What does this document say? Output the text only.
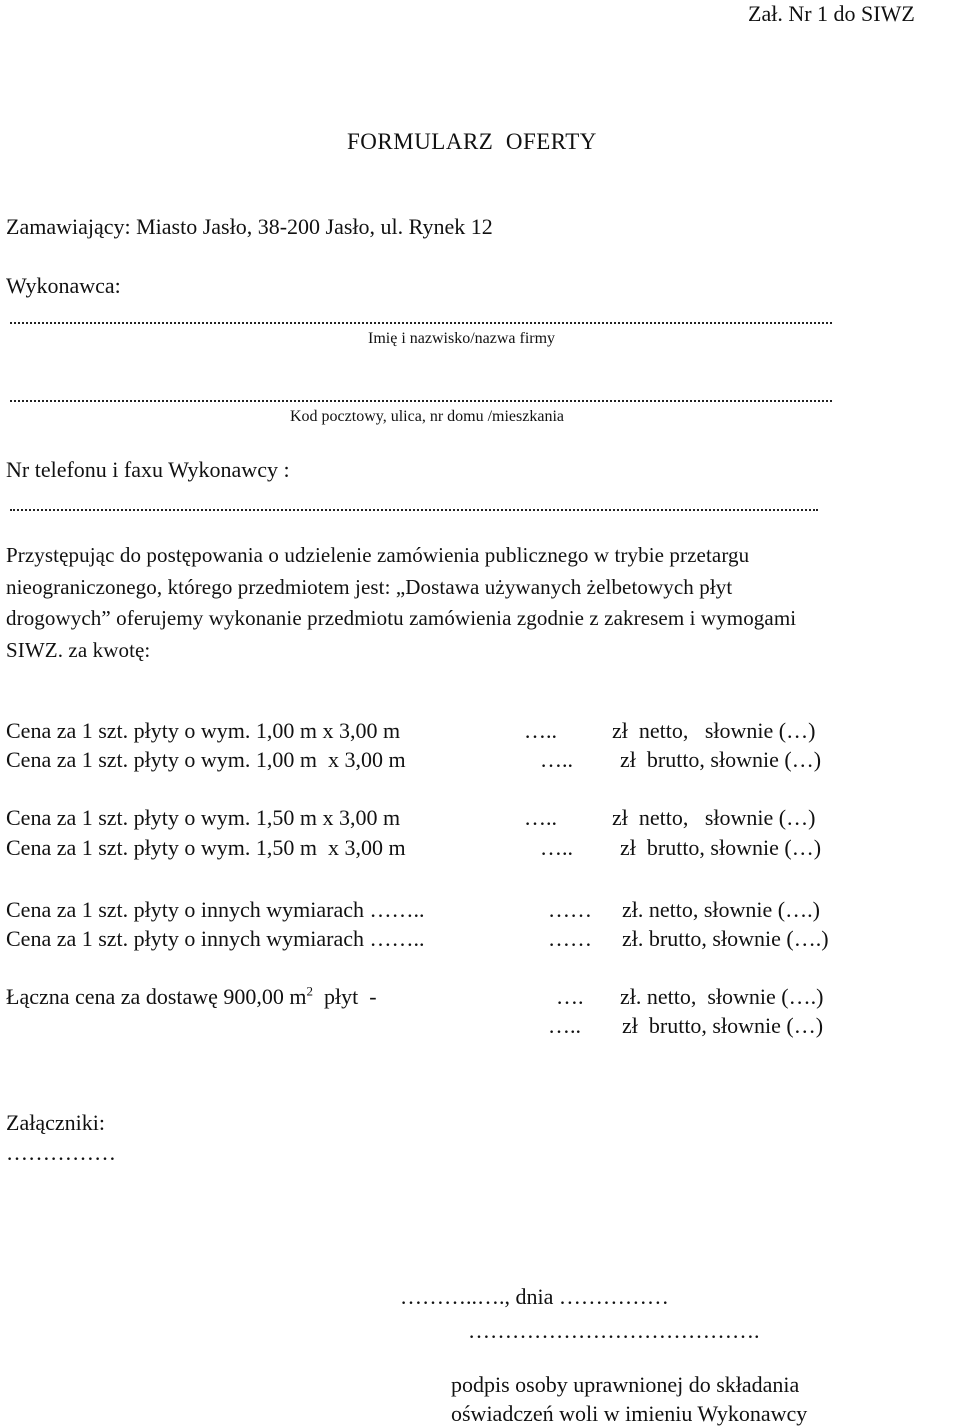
Zał. Nr 1 do SIWZ
FORMULARZ  OFERTY
Zamawiający: Miasto Jasło, 38-200 Jasło, ul. Rynek 12
Wykonawca:
Imię i nazwisko/nazwa firmy
Kod pocztowy, ulica, nr domu /mieszkania
Nr telefonu i faxu Wykonawcy :
Przystępując do postępowania o udzielenie zamówienia publicznego w trybie przetargu
nieograniczonego, którego przedmiotem jest: „Dostawa używanych żelbetowych płyt
drogowych” oferujemy wykonanie przedmiotu zamówienia zgodnie z zakresem i wymogami
SIWZ. za kwotę:
Cena za 1 szt. płyty o wym. 1,00 m x 3,00 m	…..	zł  netto,   słownie (…)
Cena za 1 szt. płyty o wym. 1,00 m  x 3,00 m	….. zł  brutto, słownie (…)
Cena za 1 szt. płyty o wym. 1,50 m x 3,00 m	…..	zł  netto,   słownie (…)
Cena za 1 szt. płyty o wym. 1,50 m  x 3,00 m	….. zł  brutto, słownie (…)
Cena za 1 szt. płyty o innych wymiarach ……..	…… zł. netto, słownie (….)
Cena za 1 szt. płyty o innych wymiarach ……..	…… zł. brutto, słownie (….)
Łączna cena za dostawę 900,00 $m^2$  płyt  -	…. zł. netto,  słownie (….)
….. zł  brutto, słownie (…)
Załączniki:
……………
………..…., dnia ……………
………………………………….
podpis osoby uprawnionej do składania
oświadczeń woli w imieniu Wykonawcy
